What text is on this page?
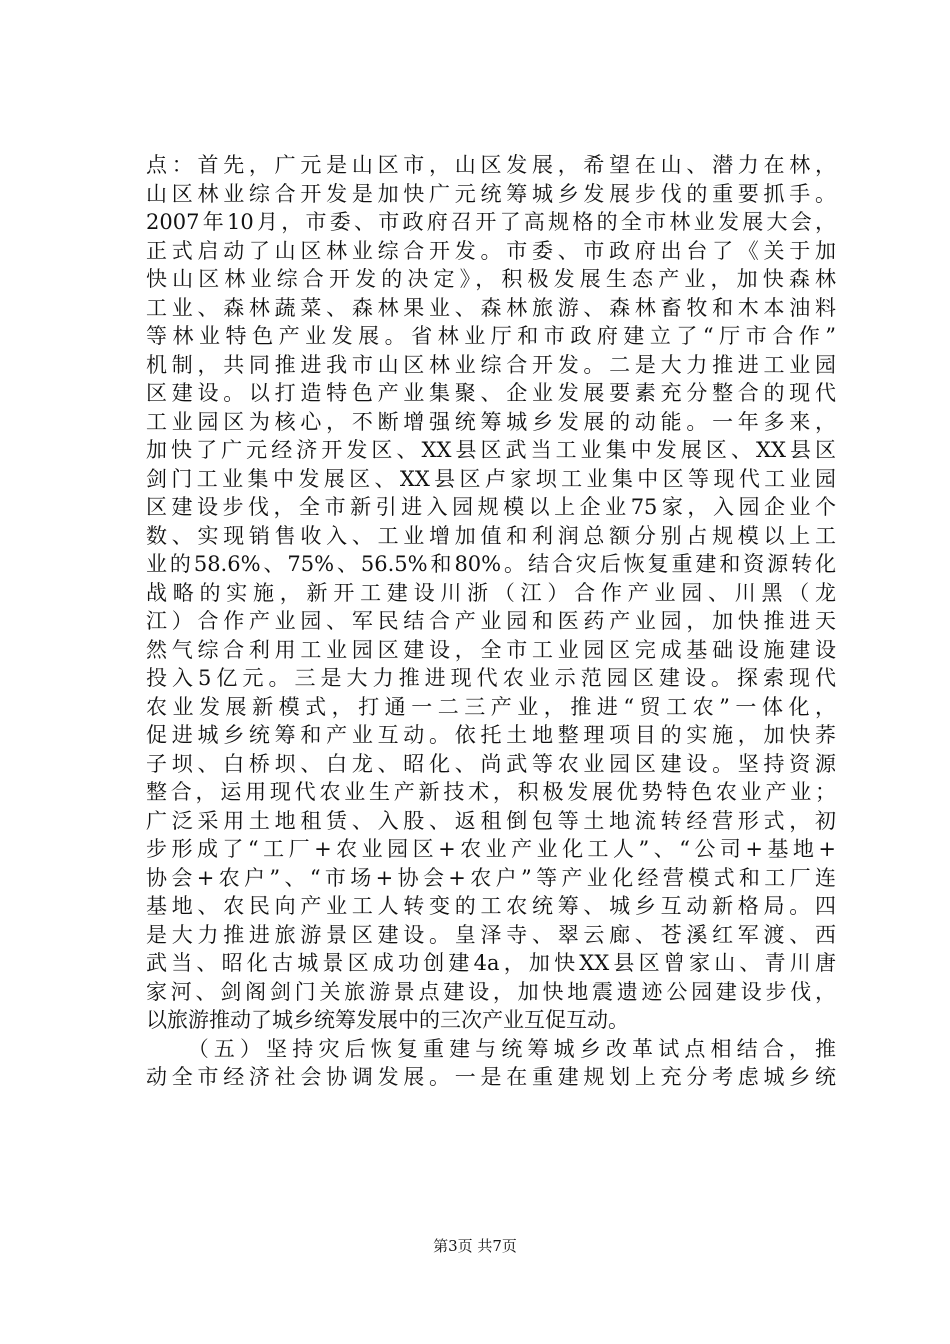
点：首先，广元是山区市，山区发展，希望在山、潜力在林，
山区林业综合开发是加快广元统筹城乡发展步伐的重要抓手。
2007年10月，市委、市政府召开了高规格的全市林业发展大会，
正式启动了山区林业综合开发。市委、市政府出台了《关于加
快山区林业综合开发的决定》，积极发展生态产业，加快森林
工业、森林蔬菜、森林果业、森林旅游、森林畜牧和木本油料
等林业特色产业发展。省林业厅和市政府建立了“厅市合作”
机制，共同推进我市山区林业综合开发。二是大力推进工业园
区建设。以打造特色产业集聚、企业发展要素充分整合的现代
工业园区为核心，不断增强统筹城乡发展的动能。一年多来，
加快了广元经济开发区、XX县区武当工业集中发展区、XX县区
剑门工业集中发展区、XX县区卢家坝工业集中区等现代工业园
区建设步伐，全市新引进入园规模以上企业75家，入园企业个
数、实现销售收入、工业增加值和利润总额分别占规模以上工
业的58.6%、75%、56.5%和80%。结合灾后恢复重建和资源转化
战略的实施，新开工建设川浙（江）合作产业园、川黑（龙
江）合作产业园、军民结合产业园和医药产业园，加快推进天
然气综合利用工业园区建设，全市工业园区完成基础设施建设
投入5亿元。三是大力推进现代农业示范园区建设。探索现代
农业发展新模式，打通一二三产业，推进“贸工农”一体化，
促进城乡统筹和产业互动。依托土地整理项目的实施，加快荞
子坝、白桥坝、白龙、昭化、尚武等农业园区建设。坚持资源
整合，运用现代农业生产新技术，积极发展优势特色农业产业；
广泛采用土地租赁、入股、返租倒包等土地流转经营形式，初
步形成了“工厂+农业园区+农业产业化工人”、“公司+基地+
协会+农户”、“市场+协会+农户”等产业化经营模式和工厂连
基地、农民向产业工人转变的工农统筹、城乡互动新格局。四
是大力推进旅游景区建设。皇泽寺、翠云廊、苍溪红军渡、西
武当、昭化古城景区成功创建4a，加快XX县区曾家山、青川唐
家河、剑阁剑门关旅游景点建设，加快地震遗迹公园建设步伐，
以旅游推动了城乡统筹发展中的三次产业互促互动。
　　（五）坚持灾后恢复重建与统筹城乡改革试点相结合，推
动全市经济社会协调发展。一是在重建规划上充分考虑城乡统
第3页 共7页
